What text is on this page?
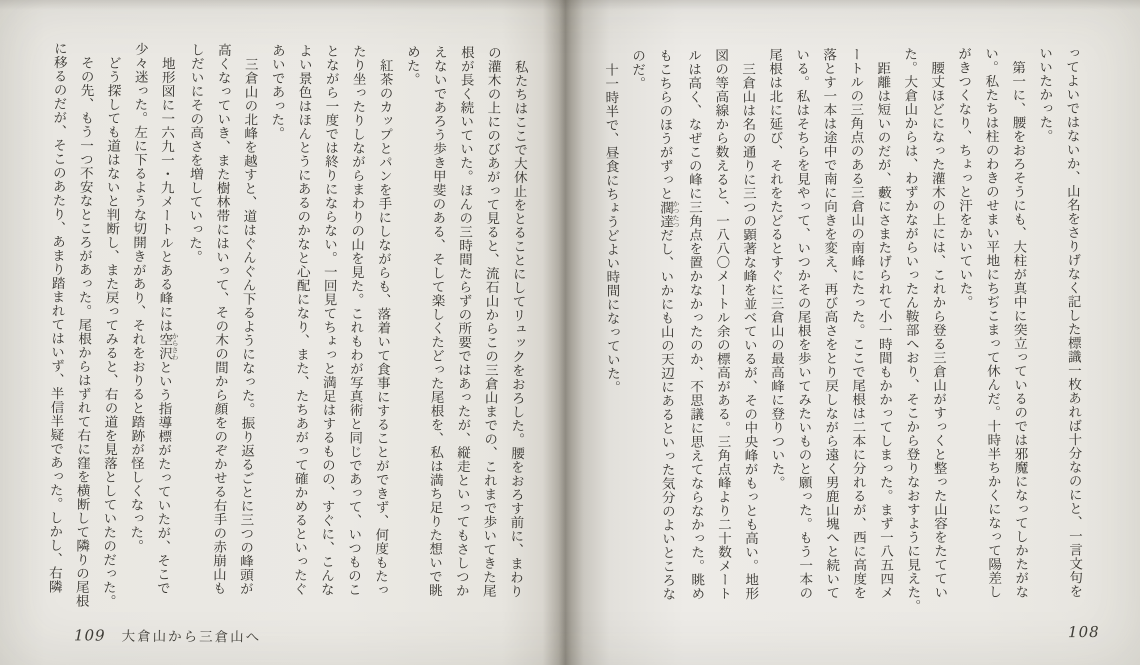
ってよいではないか、山名をさりげなく記した標識一枚あれば十分なのにと、一言文句を
いいたかった。
第一に、腰をおろそうにも、大柱が真中に突立っているのでは邪魔になってしかたがな
い。私たちは柱のわきのせまい平地にちぢこまって休んだ。十時半ちかくになって陽差し
がきつくなり、ちょっと汗をかいていた。
腰丈ほどになった灌木の上には、これから登る三倉山がすっくと整った山容をたててい
た。大倉山からは、わずかながらいったん鞍部へおり、そこから登りなおすように見えた。
距離は短いのだが、藪にさまたげられて小一時間もかかってしまった。まず一八五四メ
ートルの三角点のある三倉山の南峰にたった。ここで尾根は二本に分れるが、西に高度を
落とす一本は途中で南に向きを変え、再び高さをとり戻しながら遠く男鹿山塊へと続いて
いる。私はそちらを見やって、いつかその尾根を歩いてみたいものと願った。もう一本の
尾根は北に延び、それをたどるとすぐに三倉山の最高峰に登りついた。
三倉山は名の通りに三つの顕著な峰を並べているが、その中央峰がもっとも高い。地形
図の等高線から数えると、一八八〇メートル余の標高がある。三角点峰より二十数メート
ルは高く、なぜこの峰に三角点を置かなかったのか、不思議に思えてならなかった。眺め
もこちらのほうがずっと濶達かつたつだし、いかにも山の天辺にあるといった気分のよいところな
のだ。
十一時半で、昼食にちょうどよい時間になっていた。
108
私たちはここで大休止をとることにしてリュックをおろした。腰をおろす前に、まわり
の灌木の上にのびあがって見ると、流石山からこの三倉山までの、これまで歩いてきた尾
根が長く続いていた。ほんの三時間たらずの所要ではあったが、縦走といってもさしつか
えないであろう歩き甲斐のある、そして楽しくたどった尾根を、私は満ち足りた想いで眺
めた。
紅茶のカップとパンを手にしながらも、落着いて食事にすることができず、何度もたっ
たり坐ったりしながらまわりの山を見た。これもわが写真術と同じであって、いつものこ
とながら一度では終りにならない。一回見てちょっと満足はするものの、すぐに、こんな
よい景色はほんとうにあるのかなと心配になり、また、たちあがって確かめるといったぐ
あいであった。
三倉山の北峰を越すと、道はぐんぐん下るようになった。振り返るごとに三つの峰頭が
高くなっていき、また樹林帯にはいって、その木の間から顔をのぞかせる右手の赤崩山も
しだいにその高さを増していった。
地形図に一六九一・九メートルとある峰には空沢からさわという指導標がたっていたが、そこで
少々迷った。左に下るような切開きがあり、それをおりると踏跡が怪しくなった。
どう探しても道はないと判断し、また戻ってみると、右の道を見落としていたのだった。
その先、もう一つ不安なところがあった。尾根からはずれて右に窪を横断して隣りの尾根
に移るのだが、そこのあたり、あまり踏まれてはいず、半信半疑であった。しかし、右隣
109 大倉山から三倉山へ
